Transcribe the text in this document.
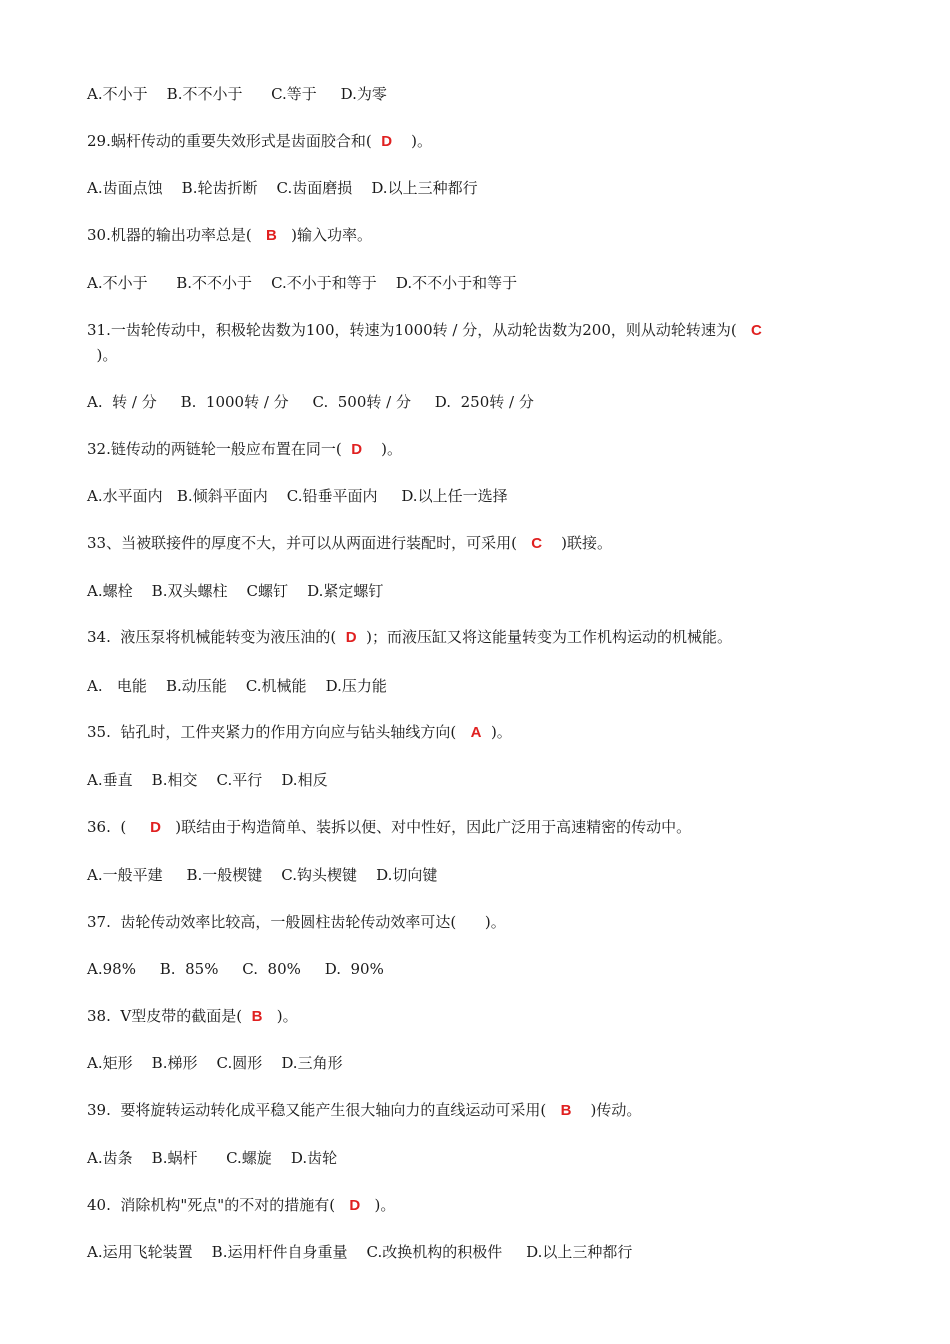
A.不小于    B.不不小于      C.等于     D.为零
29.蜗杆传动的重要失效形式是齿面胶合和(  D    )。
A.齿面点蚀    B.轮齿折断    C.齿面磨损    D.以上三种都行
30.机器的输出功率总是(   B   )输入功率。
A.不小于      B.不不小于    C.不小于和等于    D.不不小于和等于
31.一齿轮传动中，积极轮齿数为100，转速为1000转 / 分，从动轮齿数为200，则从动轮转速为(   C
)。
A.  转 / 分     B.  1000转 / 分     C.  500转 / 分     D.  250转 / 分
32.链传动的两链轮一般应布置在同一(  D    )。
A.水平面内   B.倾斜平面内    C.铅垂平面内     D.以上任一选择
33、当被联接件的厚度不大，并可以从两面进行装配时，可采用(   C    )联接。
A.螺栓    B.双头螺柱    C螺钉    D.紧定螺钉
34.  液压泵将机械能转变为液压油的(  D  )；而液压缸又将这能量转变为工作机构运动的机械能。
A.   电能    B.动压能    C.机械能    D.压力能
35.  钻孔时，工件夹紧力的作用方向应与钻头轴线方向(   A  )。
A.垂直    B.相交    C.平行    D.相反
36.  (     D   )联结由于构造简单、装拆以便、对中性好，因此广泛用于高速精密的传动中。
A.一般平建     B.一般楔键    C.钩头楔键    D.切向键
37.  齿轮传动效率比较高，一般圆柱齿轮传动效率可达(      )。
A.98%     B.  85%     C.  80%     D.  90%
38.  V型皮带的截面是(  B   )。
A.矩形    B.梯形    C.圆形    D.三角形
39.  要将旋转运动转化成平稳又能产生很大轴向力的直线运动可采用(   B    )传动。
A.齿条    B.蜗杆      C.螺旋    D.齿轮
40.  消除机构"死点"的不对的措施有(   D   )。
A.运用飞轮装置    B.运用杆件自身重量    C.改换机构的积极件     D.以上三种都行
